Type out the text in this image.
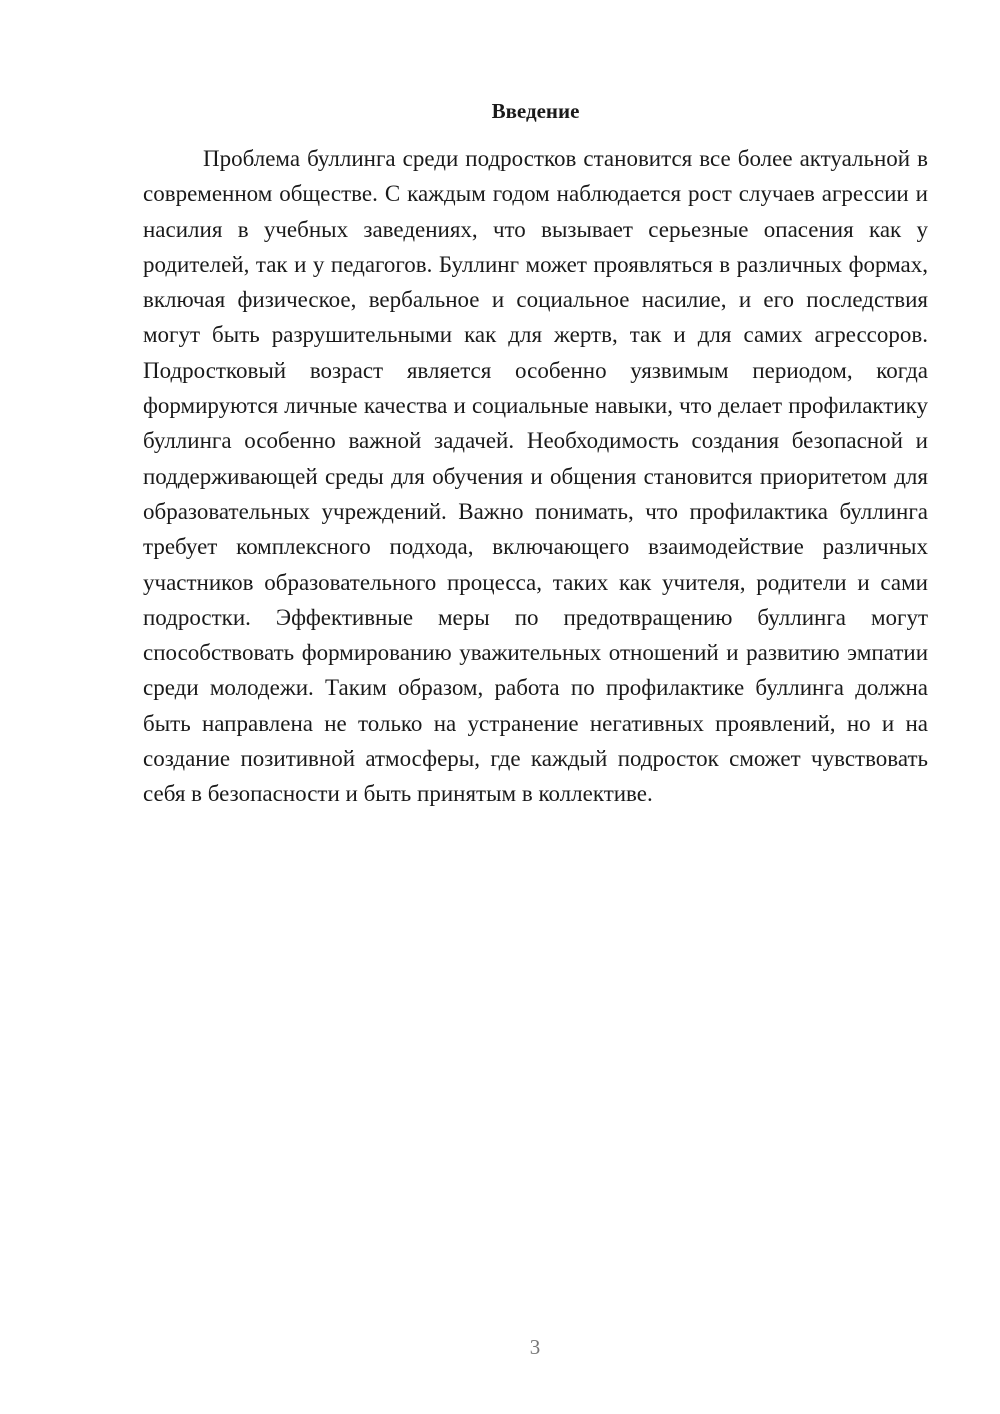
Введение

Проблема буллинга среди подростков становится все более актуальной в современном обществе. С каждым годом наблюдается рост случаев агрессии и насилия в учебных заведениях, что вызывает серьезные опасения как у родителей, так и у педагогов. Буллинг может проявляться в различных формах, включая физическое, вербальное и социальное насилие, и его последствия могут быть разрушительными как для жертв, так и для самих агрессоров. Подростковый возраст является особенно уязвимым периодом, когда формируются личные качества и социальные навыки, что делает профилактику буллинга особенно важной задачей. Необходимость создания безопасной и поддерживающей среды для обучения и общения становится приоритетом для образовательных учреждений. Важно понимать, что профилактика буллинга требует комплексного подхода, включающего взаимодействие различных участников образовательного процесса, таких как учителя, родители и сами подростки. Эффективные меры по предотвращению буллинга могут способствовать формированию уважительных отношений и развитию эмпатии среди молодежи. Таким образом, работа по профилактике буллинга должна быть направлена не только на устранение негативных проявлений, но и на создание позитивной атмосферы, где каждый подросток сможет чувствовать себя в безопасности и быть принятым в коллективе.

3
